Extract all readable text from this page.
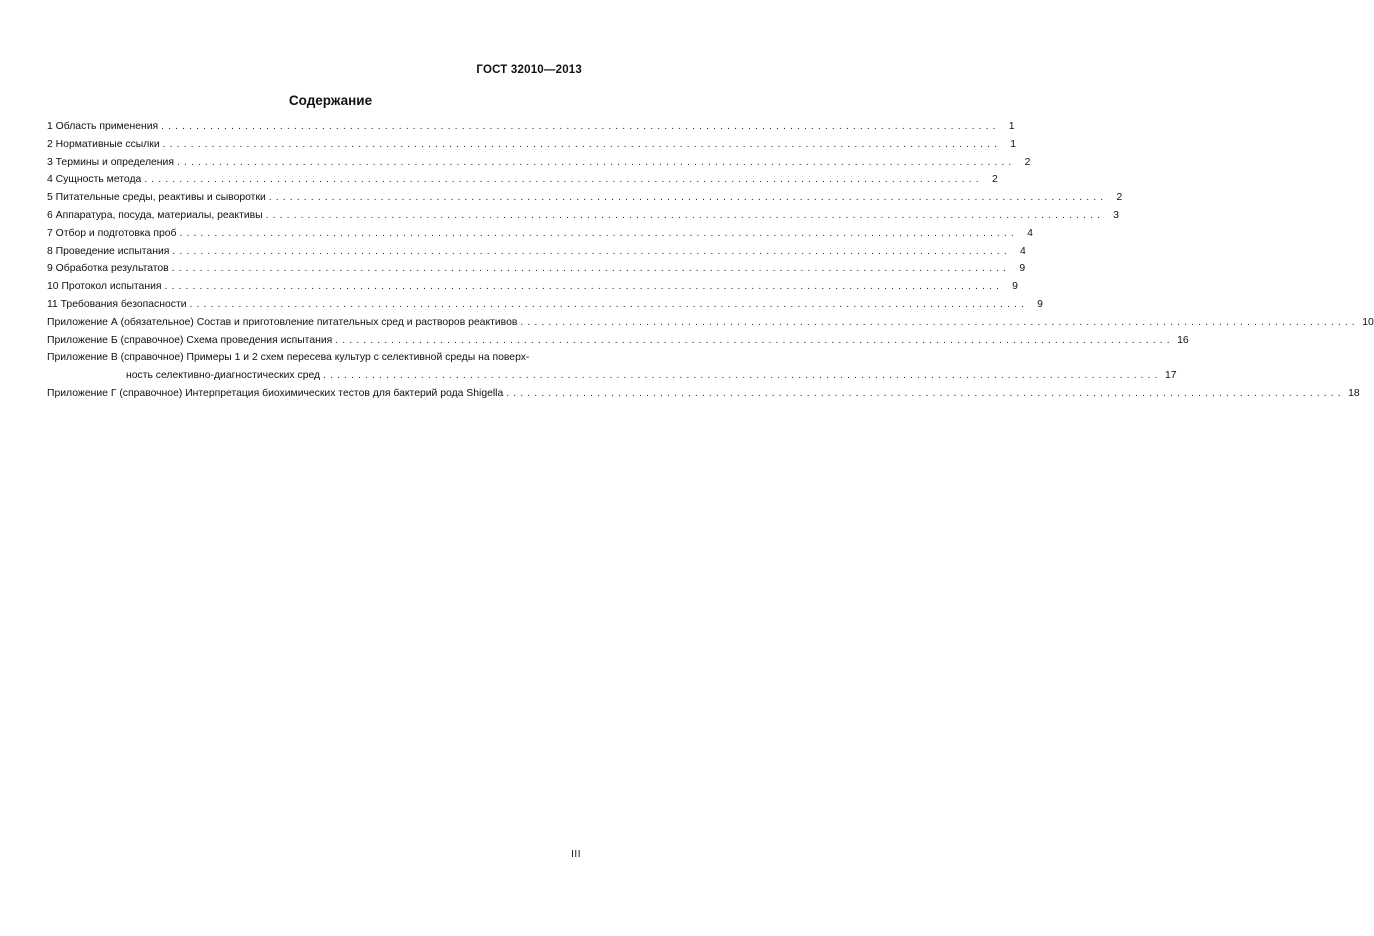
ГОСТ 32010—2013
Содержание
1 Область применения ........................................................................................................................ 1
2 Нормативные ссылки ........................................................................................................................ 1
3 Термины и определения ........................................................................................................................ 2
4 Сущность метода ........................................................................................................................ 2
5 Питательные среды, реактивы и сыворотки ........................................................................................................................ 2
6 Аппаратура, посуда, материалы, реактивы ........................................................................................................................ 3
7 Отбор и подготовка проб ........................................................................................................................ 4
8 Проведение испытания ........................................................................................................................ 4
9 Обработка результатов ........................................................................................................................ 9
10 Протокол испытания ........................................................................................................................ 9
11 Требования безопасности ........................................................................................................................ 9
Приложение А (обязательное) Состав и приготовление питательных сред и растворов реактивов ........................................................................................................................ 10
Приложение Б (справочное) Схема проведения испытания ........................................................................................................................ 16
Приложение В (справочное) Примеры 1 и 2 схем пересева культур с селективной среды на поверх-
ность селективно-диагностических сред ........................................................................................................................ 17
Приложение Г (справочное) Интерпретация биохимических тестов для бактерий рода Shigella ........................................................................................................................ 18
III
